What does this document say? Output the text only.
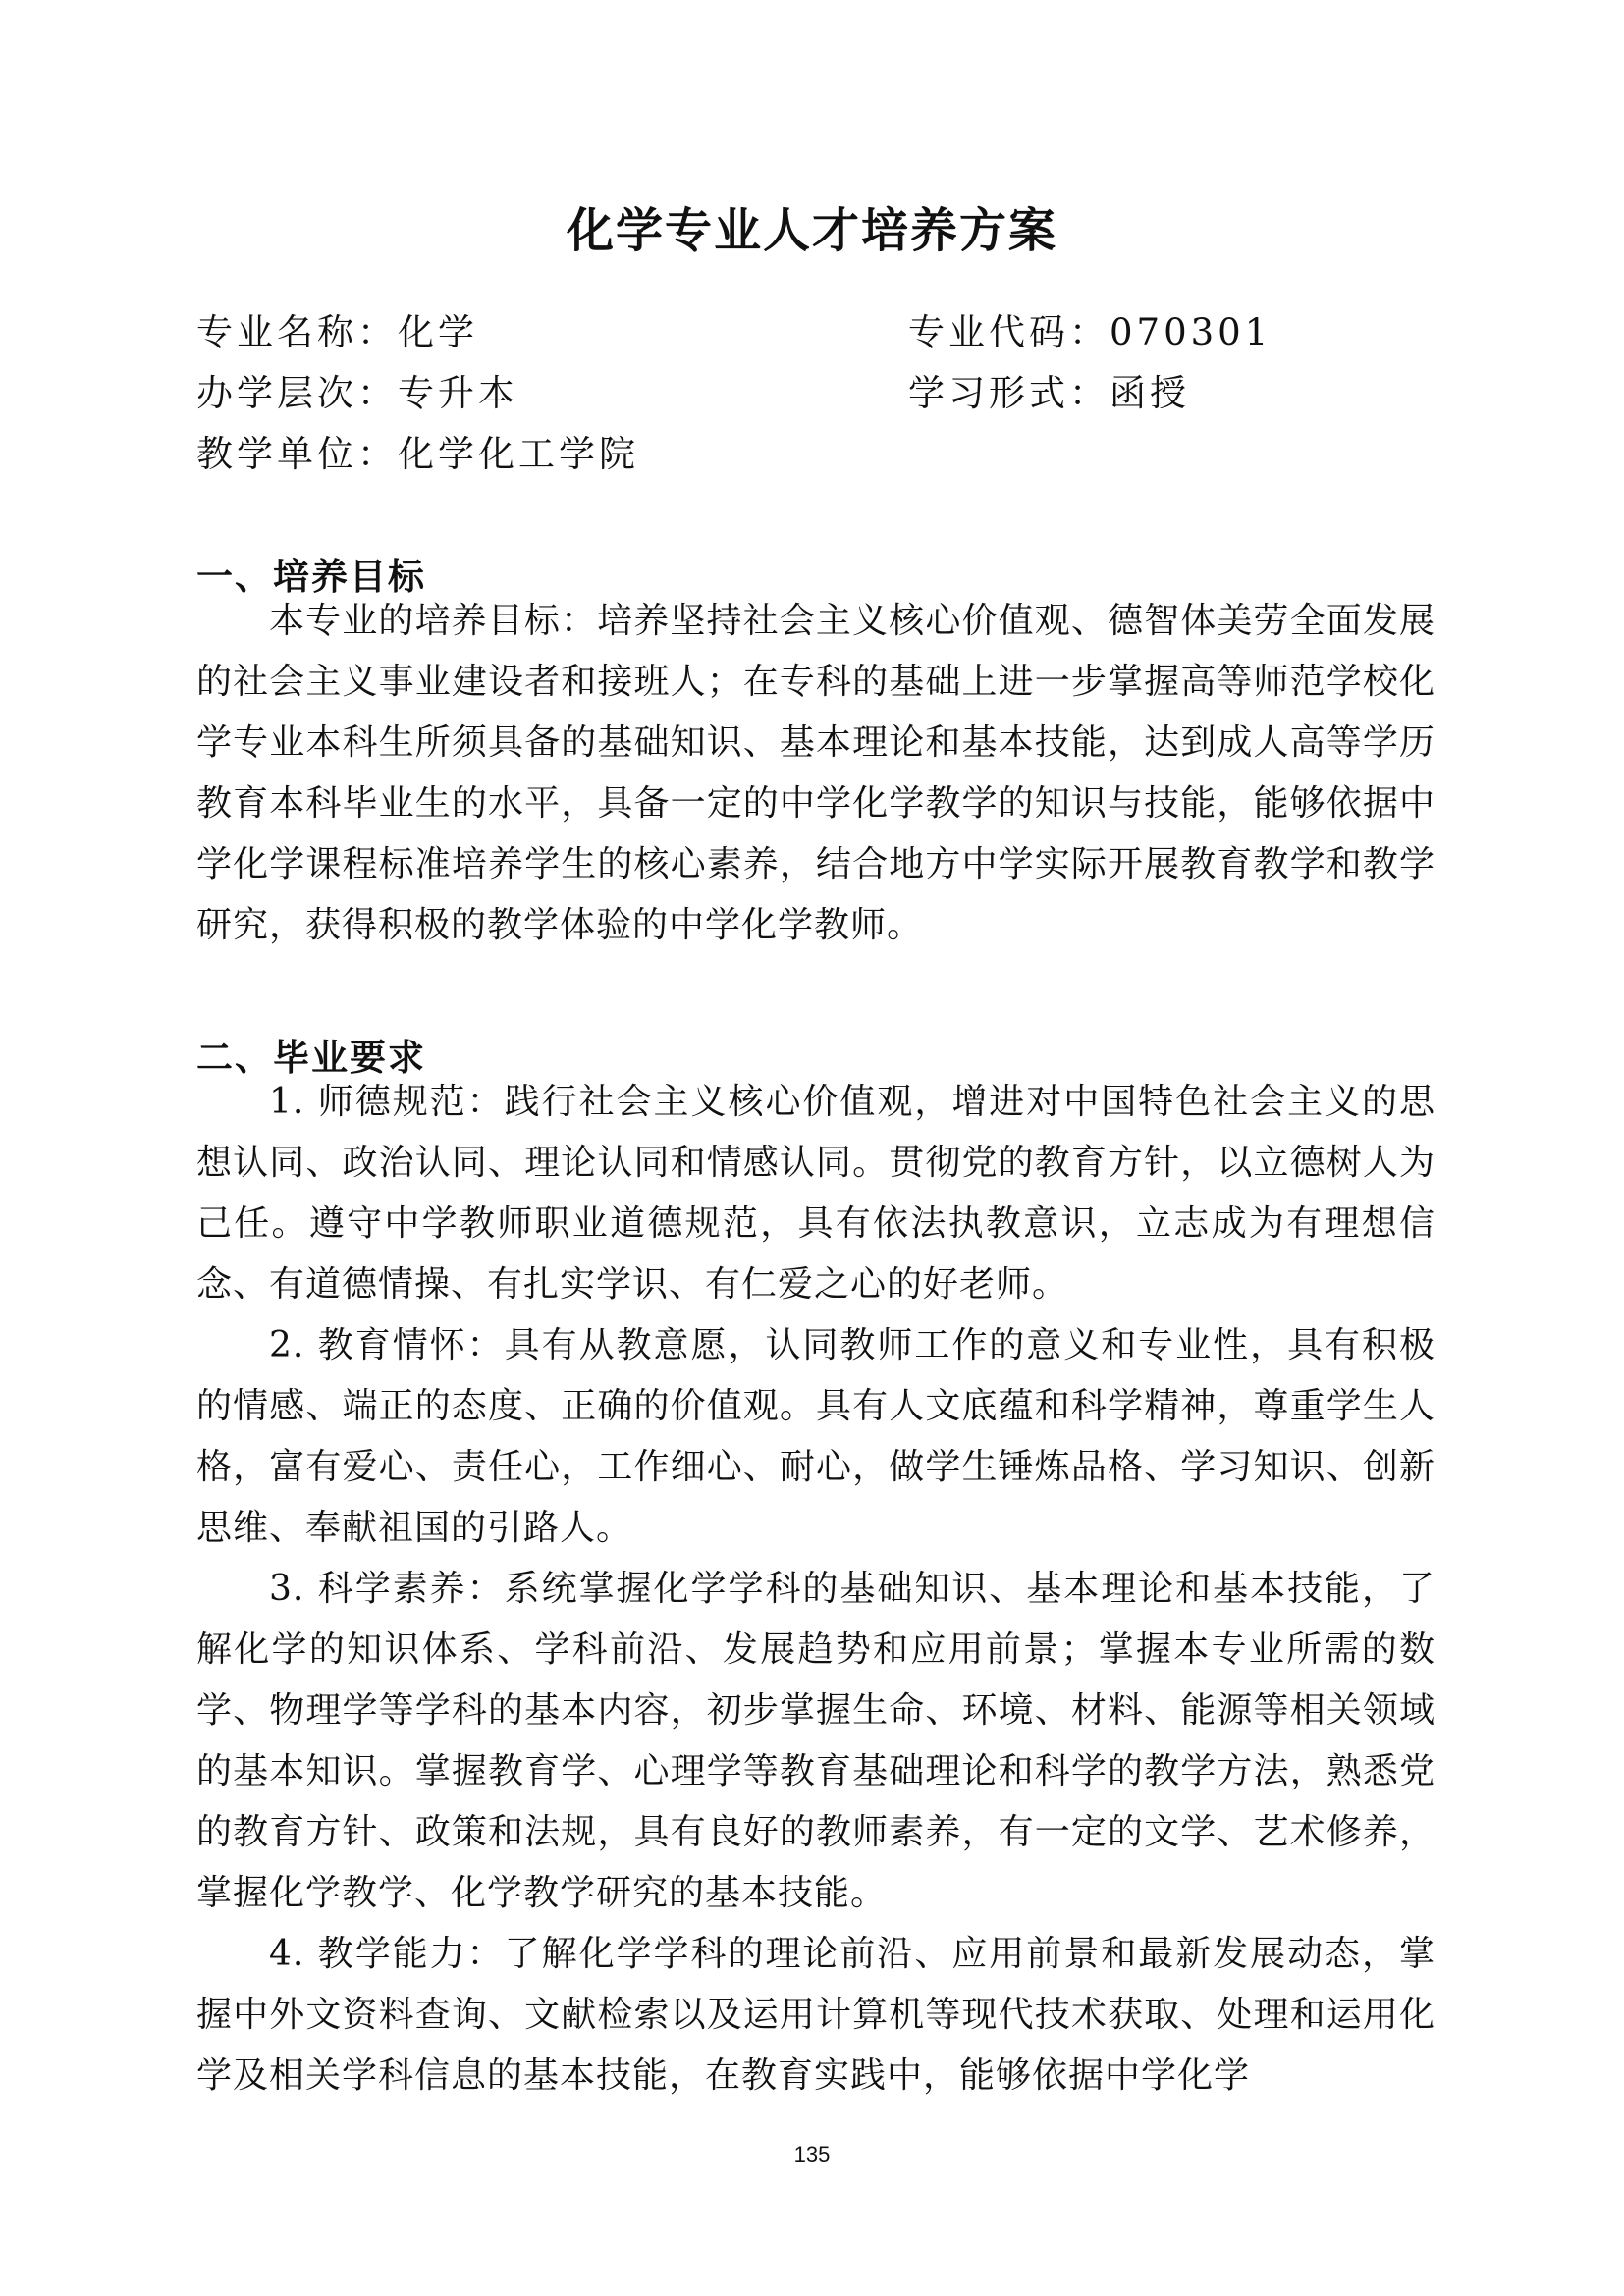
化学专业人才培养方案
专业名称 ： 化学	专业代码 ： 070301
办学层次 ： 专升本	学习形式 ： 函授
教学单位 ： 化学化工学院
一、培养目标

本专业的培养目标：培养坚持社会主义核心价值观、德智体美劳全面发展的社会主义事业建设者和接班人；在专科的基础上进一步掌握高等师范学校化学专业本科生所须具备的基础知识、基本理论和基本技能，达到成人高等学历教育本科毕业生的水平，具备一定的中学化学教学的知识与技能，能够依据中学化学课程标准培养学生的核心素养，结合地方中学实际开展教育教学和教学研究，获得积极的教学体验的中学化学教师。

二、毕业要求

1. 师德规范：践行社会主义核心价值观，增进对中国特色社会主义的思想认同、政治认同、理论认同和情感认同。贯彻党的教育方针，以立德树人为己任。遵守中学教师职业道德规范，具有依法执教意识，立志成为有理想信念、有道德情操、有扎实学识、有仁爱之心的好老师。

2. 教育情怀：具有从教意愿，认同教师工作的意义和专业性，具有积极的情感、端正的态度、正确的价值观。具有人文底蕴和科学精神，尊重学生人格，富有爱心、责任心，工作细心、耐心，做学生锤炼品格、学习知识、创新思维、奉献祖国的引路人。

3. 科学素养：系统掌握化学学科的基础知识、基本理论和基本技能，了解化学的知识体系、学科前沿、发展趋势和应用前景；掌握本专业所需的数学、物理学等学科的基本内容，初步掌握生命、环境、材料、能源等相关领域的基本知识。掌握教育学、心理学等教育基础理论和科学的教学方法，熟悉党的教育方针、政策和法规，具有良好的教师素养，有一定的文学、艺术修养，掌握化学教学、化学教学研究的基本技能。

4. 教学能力：了解化学学科的理论前沿、应用前景和最新发展动态，掌握中外文资料查询、文献检索以及运用计算机等现代技术获取、处理和运用化学及相关学科信息的基本技能，在教育实践中，能够依据中学化学

135
